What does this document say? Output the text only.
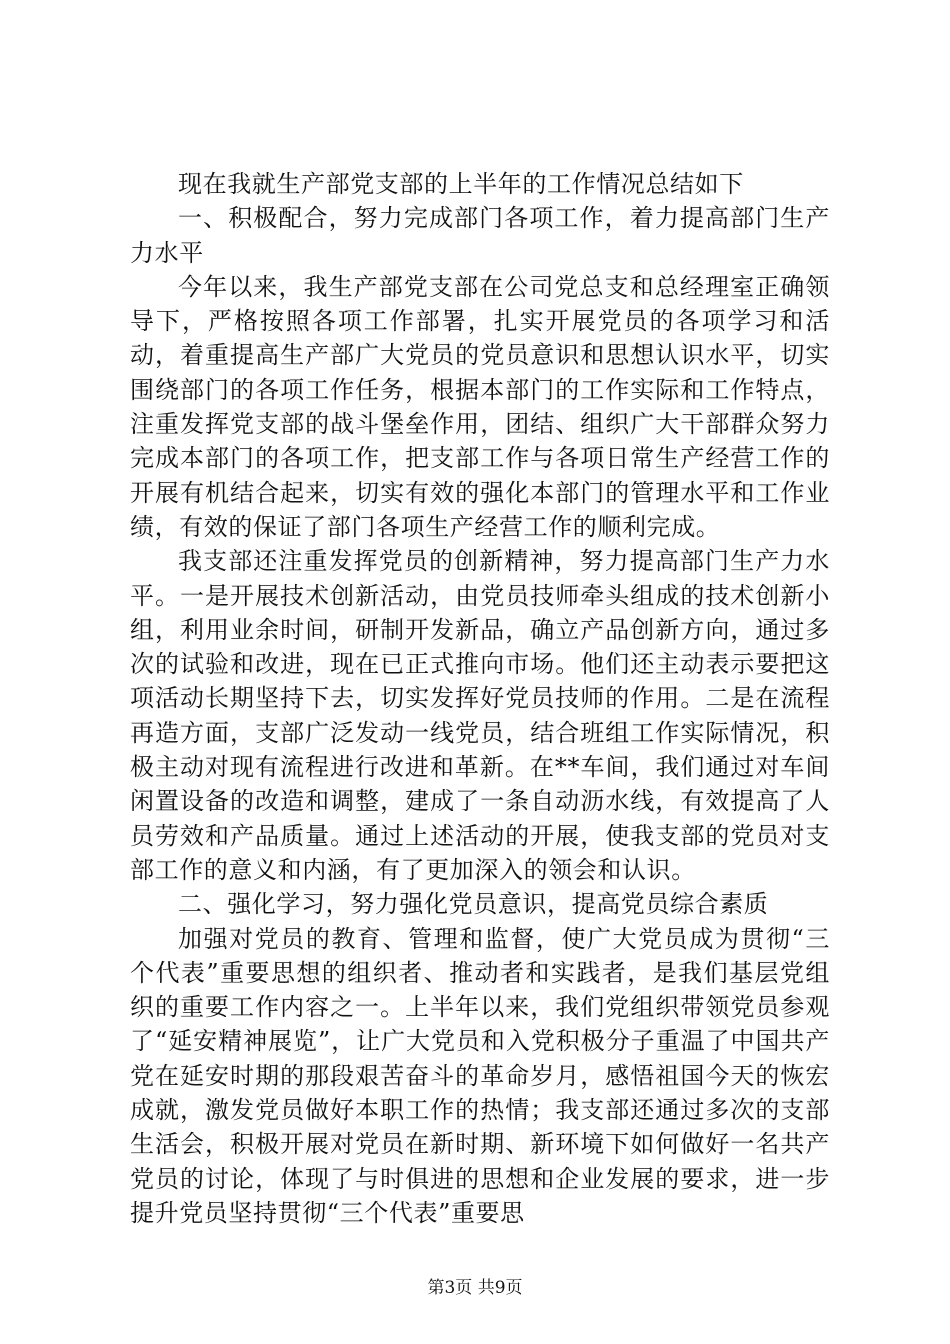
现在我就生产部党支部的上半年的工作情况总结如下

一、积极配合，努力完成部门各项工作，着力提高部门生产力水平

今年以来，我生产部党支部在公司党总支和总经理室正确领导下，严格按照各项工作部署，扎实开展党员的各项学习和活动，着重提高生产部广大党员的党员意识和思想认识水平，切实围绕部门的各项工作任务，根据本部门的工作实际和工作特点，注重发挥党支部的战斗堡垒作用，团结、组织广大干部群众努力完成本部门的各项工作，把支部工作与各项日常生产经营工作的开展有机结合起来，切实有效的强化本部门的管理水平和工作业绩，有效的保证了部门各项生产经营工作的顺利完成。

我支部还注重发挥党员的创新精神，努力提高部门生产力水平。一是开展技术创新活动，由党员技师牵头组成的技术创新小组，利用业余时间，研制开发新品，确立产品创新方向，通过多次的试验和改进，现在已正式推向市场。他们还主动表示要把这项活动长期坚持下去，切实发挥好党员技师的作用。二是在流程再造方面，支部广泛发动一线党员，结合班组工作实际情况，积极主动对现有流程进行改进和革新。在**车间，我们通过对车间闲置设备的改造和调整，建成了一条自动沥水线，有效提高了人员劳效和产品质量。通过上述活动的开展，使我支部的党员对支部工作的意义和内涵，有了更加深入的领会和认识。

二、强化学习，努力强化党员意识，提高党员综合素质

加强对党员的教育、管理和监督，使广大党员成为贯彻“三个代表”重要思想的组织者、推动者和实践者，是我们基层党组织的重要工作内容之一。上半年以来，我们党组织带领党员参观了“延安精神展览”，让广大党员和入党积极分子重温了中国共产党在延安时期的那段艰苦奋斗的革命岁月，感悟祖国今天的恢宏成就，激发党员做好本职工作的热情；我支部还通过多次的支部生活会，积极开展对党员在新时期、新环境下如何做好一名共产党员的讨论，体现了与时俱进的思想和企业发展的要求，进一步提升党员坚持贯彻“三个代表”重要思

第3页 共9页
